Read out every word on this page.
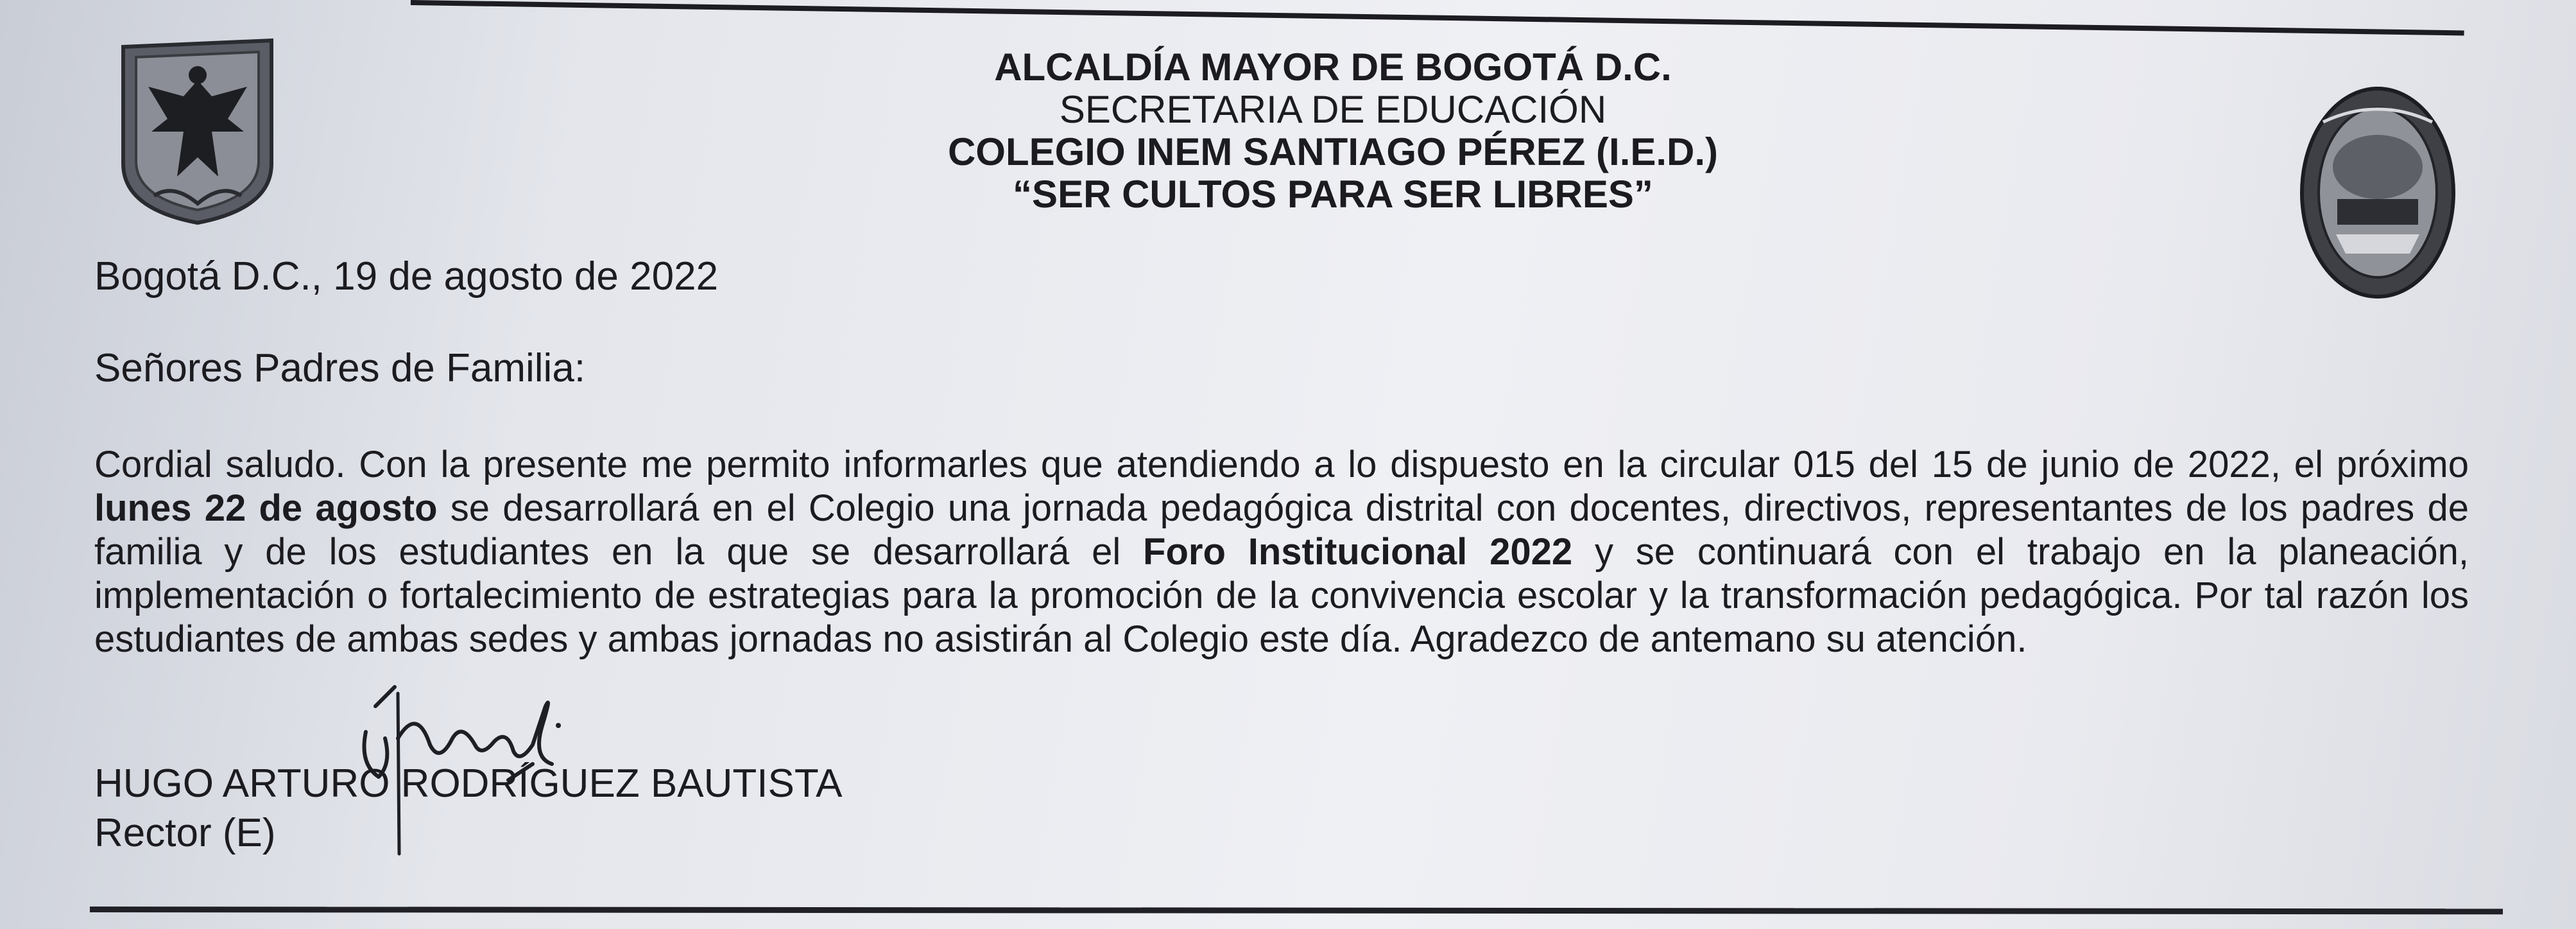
ALCALDÍA MAYOR DE BOGOTÁ D.C.
SECRETARIA DE EDUCACIÓN
COLEGIO INEM SANTIAGO PÉREZ (I.E.D.)
“SER CULTOS PARA SER LIBRES”
Bogotá D.C., 19 de agosto de 2022
Señores Padres de Familia:
Cordial saludo. Con la presente me permito informarles que atendiendo a lo dispuesto en la circular 015 del 15 de junio de 2022, el próximo lunes 22 de agosto se desarrollará en el Colegio una jornada pedagógica distrital con docentes, directivos, representantes de los padres de familia y de los estudiantes en la que se desarrollará el Foro Institucional 2022 y se continuará con el trabajo en la planeación, implementación o fortalecimiento de estrategias para la promoción de la convivencia escolar y la transformación pedagógica. Por tal razón los estudiantes de ambas sedes y ambas jornadas no asistirán al Colegio este día. Agradezco de antemano su atención.
HUGO ARTURO RODRÍGUEZ BAUTISTA
Rector (E)
